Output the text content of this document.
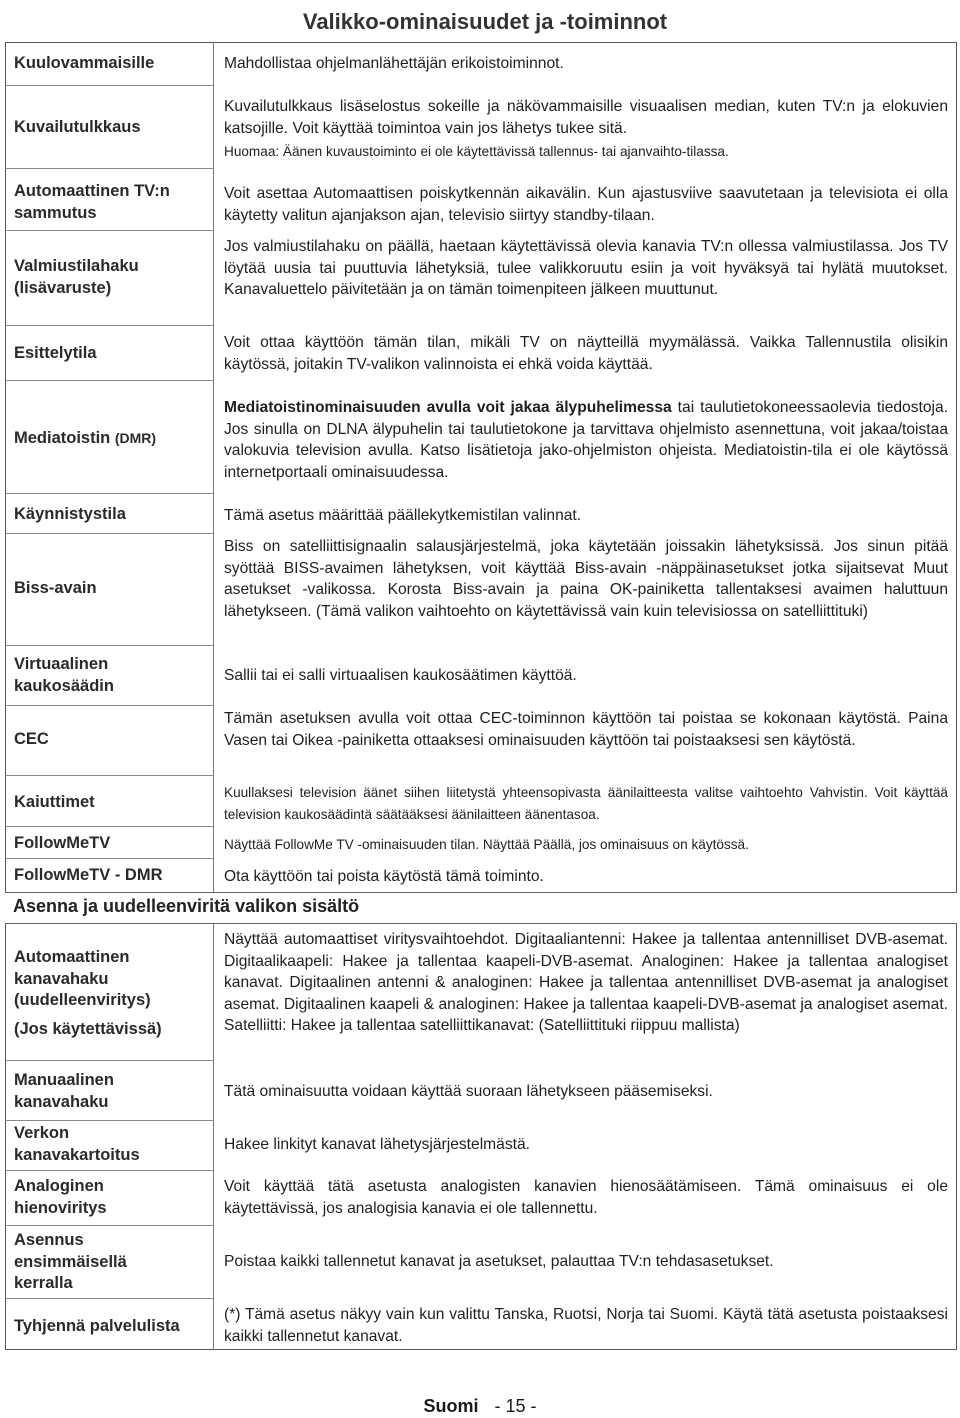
Valikko-ominaisuudet ja -toiminnot
Asenna ja uudelleenviritä valikon sisältö
Kuulovammaisille
Kuvailutulkkaus
Automaattinen TV:n sammutus
Valmiustilahaku (lisävaruste)
Esittelytila
Mediatoistin (DMR)
Käynnistystila
Biss-avain
Virtuaalinen kaukosäädin
CEC
Kaiuttimet
FollowMeTV
FollowMeTV - DMR
Mahdollistaa ohjelmanlähettäjän erikoistoiminnot.
Kuvailutulkkaus lisäselostus sokeille ja näkövammaisille visuaalisen median, kuten TV:n ja elokuvien katsojille. Voit käyttää toimintoa vain jos lähetys tukee sitä.
Huomaa: Äänen kuvaustoiminto ei ole käytettävissä tallennus- tai ajanvaihto-tilassa.
Voit asettaa Automaattisen poiskytkennän aikavälin. Kun ajastusviive saavutetaan ja televisiota ei olla käytetty valitun ajanjakson ajan, televisio siirtyy standby-tilaan.
Jos valmiustilahaku on päällä, haetaan käytettävissä olevia kanavia TV:n ollessa valmiustilassa. Jos TV löytää uusia tai puuttuvia lähetyksiä, tulee valikkoruutu esiin ja voit hyväksyä tai hylätä muutokset. Kanavaluettelo päivitetään ja on tämän toimenpiteen jälkeen muuttunut.
Voit ottaa käyttöön tämän tilan, mikäli TV on näytteillä myymälässä. Vaikka Tallennustila olisikin käytössä, joitakin TV-valikon valinnoista ei ehkä voida käyttää.
Mediatoistinominaisuuden avulla voit jakaa älypuhelimessa tai taulutietokoneessaolevia tiedostoja. Jos sinulla on DLNA älypuhelin tai taulutietokone ja tarvittava ohjelmisto asennettuna, voit jakaa/toistaa valokuvia television avulla. Katso lisätietoja jako-ohjelmiston ohjeista. Mediatoistin-tila ei ole käytössä internetportaali ominaisuudessa.
Tämä asetus määrittää päällekytkemistilan valinnat.
Biss on satelliittisignaalin salausjärjestelmä, joka käytetään joissakin lähetyksissä. Jos sinun pitää syöttää BISS-avaimen lähetyksen, voit käyttää Biss-avain -näppäinasetukset jotka sijaitsevat Muut asetukset -valikossa. Korosta Biss-avain ja paina OK-painiketta tallentaksesi avaimen haluttuun lähetykseen. (Tämä valikon vaihtoehto on käytettävissä vain kuin televisiossa on satelliittituki)
Sallii tai ei salli virtuaalisen kaukosäätimen käyttöä.
Tämän asetuksen avulla voit ottaa CEC-toiminnon käyttöön tai poistaa se kokonaan käytöstä. Paina Vasen tai Oikea -painiketta ottaaksesi ominaisuuden käyttöön tai poistaaksesi sen käytöstä.
Kuullaksesi television äänet siihen liitetystä yhteensopivasta äänilaitteesta valitse vaihtoehto Vahvistin. Voit käyttää television kaukosäädintä säätääksesi äänilaitteen äänentasoa.
Näyttää FollowMe TV -ominaisuuden tilan. Näyttää Päällä, jos ominaisuus on käytössä.
Ota käyttöön tai poista käytöstä tämä toiminto.
Automaattinen kanavahaku (uudelleenviritys)
(Jos käytettävissä)
Manuaalinen kanavahaku
Verkon kanavakartoitus
Analoginen hienoviritys
Asennus ensimmäisellä kerralla
Tyhjennä palvelulista
Näyttää automaattiset viritysvaihtoehdot. Digitaaliantenni: Hakee ja tallentaa antennilliset DVB-asemat. Digitaalikaapeli: Hakee ja tallentaa kaapeli-DVB-asemat. Analoginen: Hakee ja tallentaa analogiset kanavat. Digitaalinen antenni & analoginen: Hakee ja tallentaa antennilliset DVB-asemat ja analogiset asemat. Digitaalinen kaapeli & analoginen: Hakee ja tallentaa kaapeli-DVB-asemat ja analogiset asemat. Satelliitti: Hakee ja tallentaa satelliittikanavat: (Satelliittituki riippuu mallista)
Tätä ominaisuutta voidaan käyttää suoraan lähetykseen pääsemiseksi.
Hakee linkityt kanavat lähetysjärjestelmästä.
Voit käyttää tätä asetusta analogisten kanavien hienosäätämiseen. Tämä ominaisuus ei ole käytettävissä, jos analogisia kanavia ei ole tallennettu.
Poistaa kaikki tallennetut kanavat ja asetukset, palauttaa TV:n tehdasasetukset.
(*) Tämä asetus näkyy vain kun valittu Tanska, Ruotsi, Norja tai Suomi. Käytä tätä asetusta poistaaksesi kaikki tallennetut kanavat.
Suomi - 15 -
